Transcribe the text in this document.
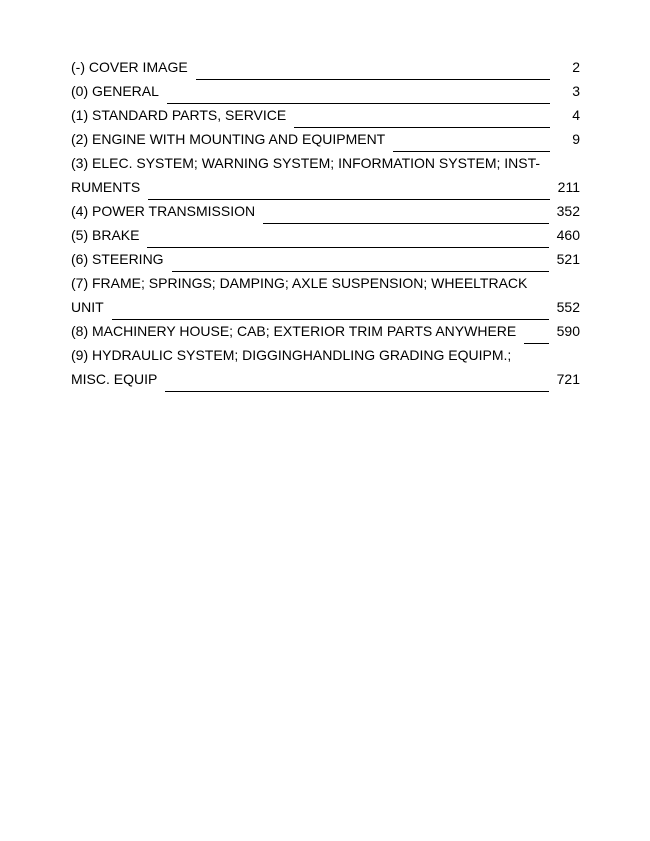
(-) COVER IMAGE	2
(0) GENERAL	3
(1) STANDARD PARTS, SERVICE	4
(2) ENGINE WITH MOUNTING AND EQUIPMENT	9
(3) ELEC. SYSTEM; WARNING SYSTEM; INFORMATION SYSTEM; INST-
RUMENTS	211
(4) POWER TRANSMISSION	352
(5) BRAKE	460
(6) STEERING	521
(7) FRAME; SPRINGS; DAMPING; AXLE SUSPENSION; WHEELTRACK
UNIT	552
(8) MACHINERY HOUSE; CAB; EXTERIOR TRIM PARTS ANYWHERE	590
(9) HYDRAULIC SYSTEM; DIGGINGHANDLING GRADING EQUIPM.;
MISC. EQUIP	721
